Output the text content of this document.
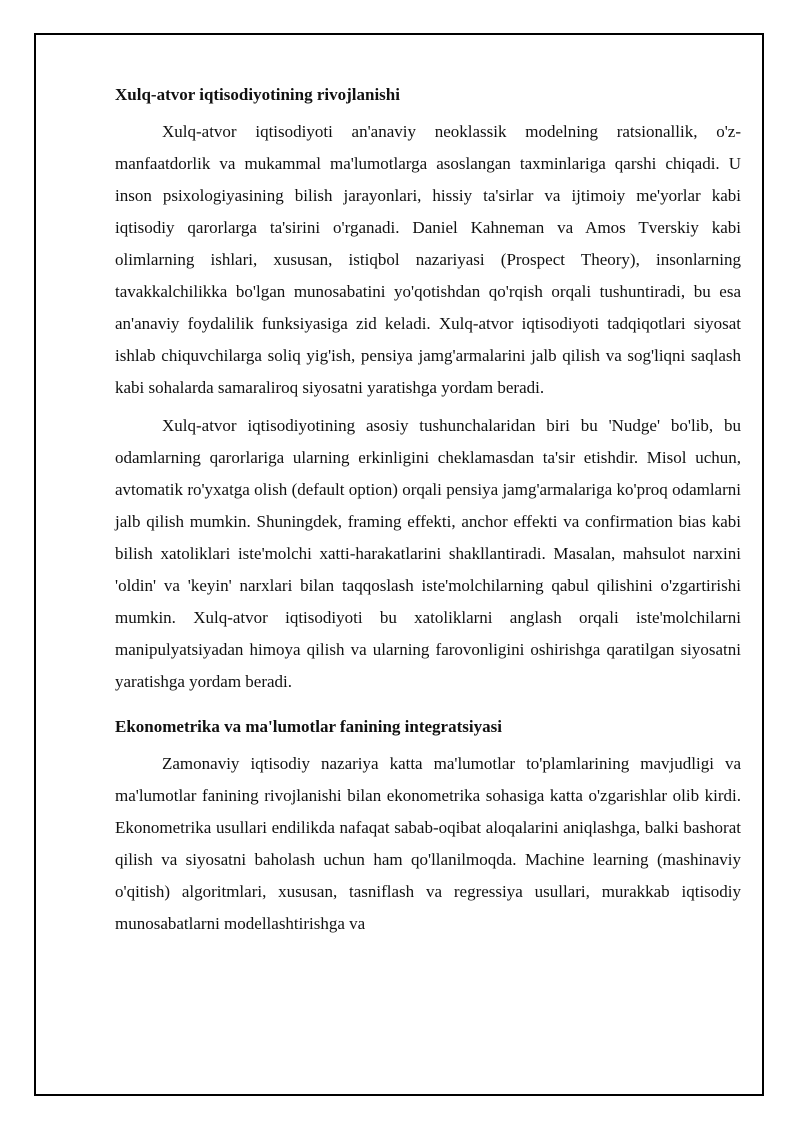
Xulq-atvor iqtisodiyotining rivojlanishi

Xulq-atvor iqtisodiyoti an'anaviy neoklassik modelning ratsionallik, o'z-manfaatdorlik va mukammal ma'lumotlarga asoslangan taxminlariga qarshi chiqadi. U inson psixologiyasining bilish jarayonlari, hissiy ta'sirlar va ijtimoiy me'yorlar kabi iqtisodiy qarorlarga ta'sirini o'rganadi. Daniel Kahneman va Amos Tverskiy kabi olimlarning ishlari, xususan, istiqbol nazariyasi (Prospect Theory), insonlarning tavakkalchilikka bo'lgan munosabatini yo'qotishdan qo'rqish orqali tushuntiradi, bu esa an'anaviy foydalilik funksiyasiga zid keladi. Xulq-atvor iqtisodiyoti tadqiqotlari siyosat ishlab chiquvchilarga soliq yig'ish, pensiya jamg'armalarini jalb qilish va sog'liqni saqlash kabi sohalarda samaraliroq siyosatni yaratishga yordam beradi.

Xulq-atvor iqtisodiyotining asosiy tushunchalaridan biri bu 'Nudge' bo'lib, bu odamlarning qarorlariga ularning erkinligini cheklamasdan ta'sir etishdir. Misol uchun, avtomatik ro'yxatga olish (default option) orqali pensiya jamg'armalariga ko'proq odamlarni jalb qilish mumkin. Shuningdek, framing effekti, anchor effekti va confirmation bias kabi bilish xatoliklari iste'molchi xatti-harakatlarini shakllantiradi. Masalan, mahsulot narxini 'oldin' va 'keyin' narxlari bilan taqqoslash iste'molchilarning qabul qilishini o'zgartirishi mumkin. Xulq-atvor iqtisodiyoti bu xatoliklarni anglash orqali iste'molchilarni manipulyatsiyadan himoya qilish va ularning farovonligini oshirishga qaratilgan siyosatni yaratishga yordam beradi.

Ekonometrika va ma'lumotlar fanining integratsiyasi

Zamonaviy iqtisodiy nazariya katta ma'lumotlar to'plamlarining mavjudligi va ma'lumotlar fanining rivojlanishi bilan ekonometrika sohasiga katta o'zgarishlar olib kirdi. Ekonometrika usullari endilikda nafaqat sabab-oqibat aloqalarini aniqlashga, balki bashorat qilish va siyosatni baholash uchun ham qo'llanilmoqda. Machine learning (mashinaviy o'qitish) algoritmlari, xususan, tasniflash va regressiya usullari, murakkab iqtisodiy munosabatlarni modellashtirishga va
